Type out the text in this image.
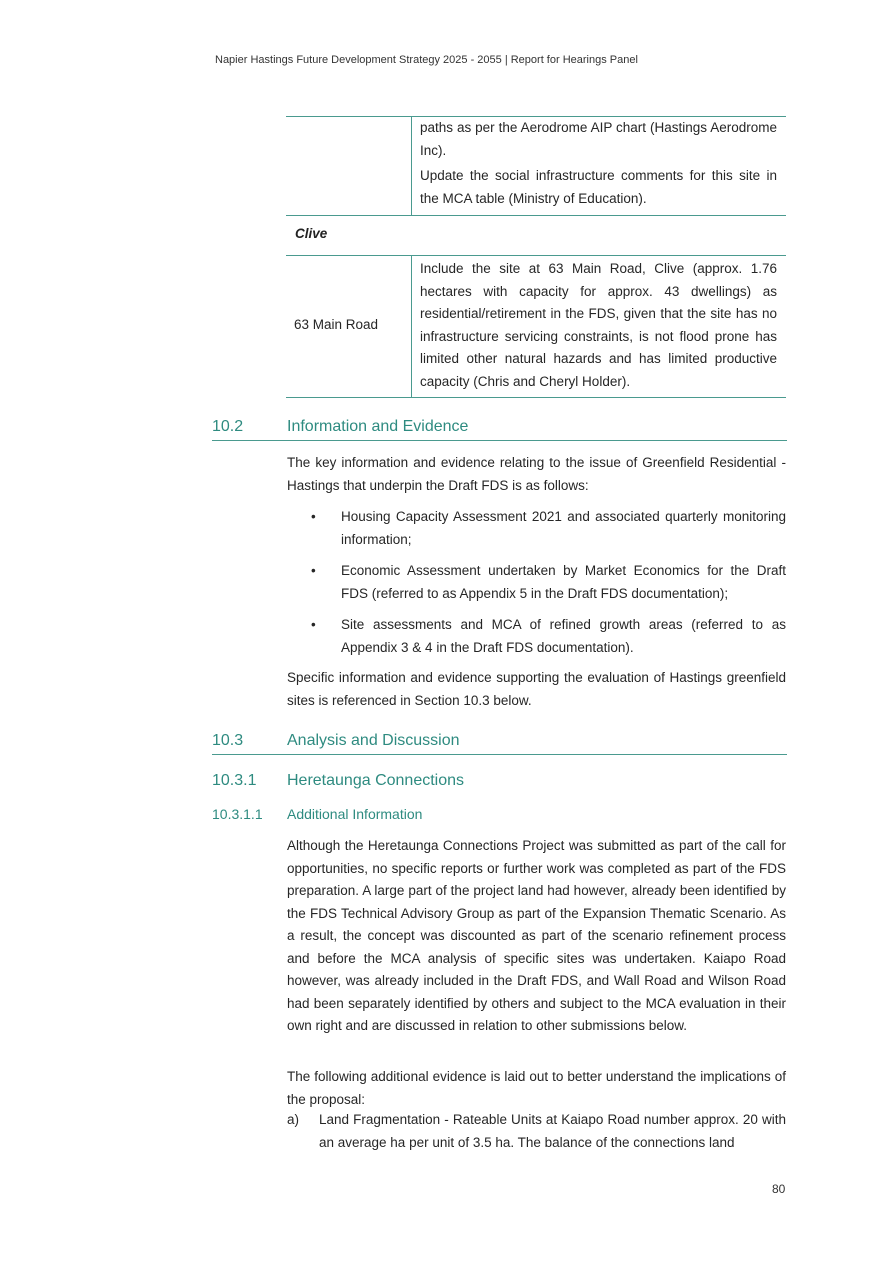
Napier Hastings Future Development Strategy 2025 - 2055 | Report for Hearings Panel

paths as per the Aerodrome AIP chart (Hastings Aerodrome Inc).

Update the social infrastructure comments for this site in the MCA table (Ministry of Education).

Clive
63 Main Road

Include the site at 63 Main Road, Clive (approx. 1.76 hectares with capacity for approx. 43 dwellings) as residential/retirement in the FDS, given that the site has no infrastructure servicing constraints, is not flood prone has limited other natural hazards and has limited productive capacity (Chris and Cheryl Holder).

10.2	Information and Evidence

The key information and evidence relating to the issue of Greenfield Residential - Hastings that underpin the Draft FDS is as follows:

• Housing Capacity Assessment 2021 and associated quarterly monitoring information;
• Economic Assessment undertaken by Market Economics for the Draft FDS (referred to as Appendix 5 in the Draft FDS documentation);
• Site assessments and MCA of refined growth areas (referred to as Appendix 3 & 4 in the Draft FDS documentation).

Specific information and evidence supporting the evaluation of Hastings greenfield sites is referenced in Section 10.3 below.

10.3	Analysis and Discussion
10.3.1 Heretaunga Connections
10.3.1.1 Additional Information

Although the Heretaunga Connections Project was submitted as part of the call for opportunities, no specific reports or further work was completed as part of the FDS preparation. A large part of the project land had however, already been identified by the FDS Technical Advisory Group as part of the Expansion Thematic Scenario. As a result, the concept was discounted as part of the scenario refinement process and before the MCA analysis of specific sites was undertaken. Kaiapo Road however, was already included in the Draft FDS, and Wall Road and Wilson Road had been separately identified by others and subject to the MCA evaluation in their own right and are discussed in relation to other submissions below.

The following additional evidence is laid out to better understand the implications of the proposal:

a) Land Fragmentation - Rateable Units at Kaiapo Road number approx. 20 with an average ha per unit of 3.5 ha. The balance of the connections land
80
